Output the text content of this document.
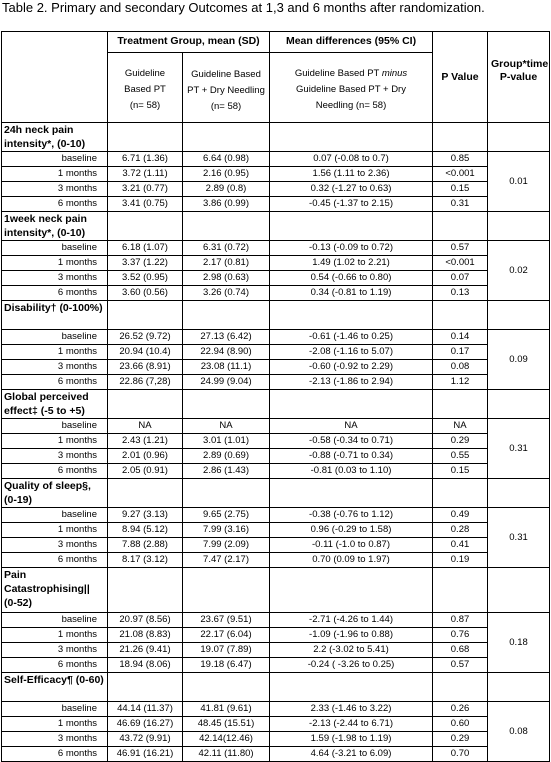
Table 2. Primary and secondary Outcomes at 1,3 and 6 months after randomization.
	Treatment Group, mean (SD)		Mean differences (95% CI)	P Value	Group*time P-value
	Guideline
Based PT
(n= 58)	Guideline Based
PT + Dry Needling
(n= 58)	Guideline Based PT minus
Guideline Based PT + Dry
Needling (n= 58)		
24h neck pain intensity*, (0-10)					
baseline	6.71 (1.36)	6.64 (0.98)	0.07 (-0.08 to 0.7)	0.85	0.01
1 months	3.72 (1.11)	2.16 (0.95)	1.56 (1.11 to 2.36)	<0.001	
3 months	3.21 (0.77)	2.89 (0.8)	0.32 (-1.27 to 0.63)	0.15	
6 months	3.41 (0.75)	3.86 (0.99)	-0.45 (-1.37 to 2.15)	0.31	
1week neck pain intensity*, (0-10)					
baseline	6.18 (1.07)	6.31 (0.72)	-0.13 (-0.09 to 0.72)	0.57	0.02
1 months	3.37 (1.22)	2.17 (0.81)	1.49 (1.02 to 2.21)	<0.001	
3 months	3.52 (0.95)	2.98 (0.63)	0.54 (-0.66 to 0.80)	0.07	
6 months	3.60 (0.56)	3.26 (0.74)	0.34 (-0.81 to 1.19)	0.13	
Disability† (0-100%)					
baseline	26.52 (9.72)	27.13 (6.42)	-0.61 (-1.46 to 0.25)	0.14	0.09
1 months	20.94 (10.4)	22.94 (8.90)	-2.08 (-1.16 to 5.07)	0.17	
3 months	23.66 (8.91)	23.08 (11.1)	-0.60 (-0.92 to 2.29)	0.08	
6 months	22.86 (7,28)	24.99 (9.04)	-2.13 (-1.86 to 2.94)	1.12	
Global perceived effect‡ (-5 to +5)					
baseline	NA	NA	NA	NA	0.31
1 months	2.43 (1.21)	3.01 (1.01)	-0.58 (-0.34 to 0.71)	0.29	
3 months	2.01 (0.96)	2.89 (0.69)	-0.88 (-0.71 to 0.34)	0.55	
6 months	2.05 (0.91)	2.86 (1.43)	-0.81 (0.03 to 1.10)	0.15	
Quality of sleep§, (0-19)					
baseline	9.27 (3.13)	9.65 (2.75)	-0.38 (-0.76 to 1.12)	0.49	0.31
1 months	8.94 (5.12)	7.99 (3.16)	0.96 (-0.29 to 1.58)	0.28	
3 months	7.88 (2.88)	7.99 (2.09)	-0.11 (-1.0 to 0.87)	0.41	
6 months	8.17 (3.12)	7.47 (2.17)	0.70 (0.09 to 1.97)	0.19	
Pain Catastrophising|| (0-52)					
baseline	20.97 (8.56)	23.67 (9.51)	-2.71 (-4.26 to 1.44)	0.87	0.18
1 months	21.08 (8.83)	22.17 (6.04)	-1.09 (-1.96 to 0.88)	0.76	
3 months	21.26 (9.41)	19.07 (7.89)	2.2 (-3.02 to 5.41)	0.68	
6 months	18.94 (8.06)	19.18 (6.47)	-0.24 ( -3.26 to 0.25)	0.57	
Self-Efficacy¶ (0-60)					
baseline	44.14 (11.37)	41.81 (9.61)	2.33 (-1.46 to 3.22)	0.26	0.08
1 months	46.69 (16.27)	48.45 (15.51)	-2.13 (-2.44 to 6.71)	0.60	
3 months	43.72 (9.91)	42.14(12.46)	1.59 (-1.98 to 1.19)	0.29	
6 months	46.91 (16.21)	42.11 (11.80)	4.64 (-3.21 to 6.09)	0.70	
